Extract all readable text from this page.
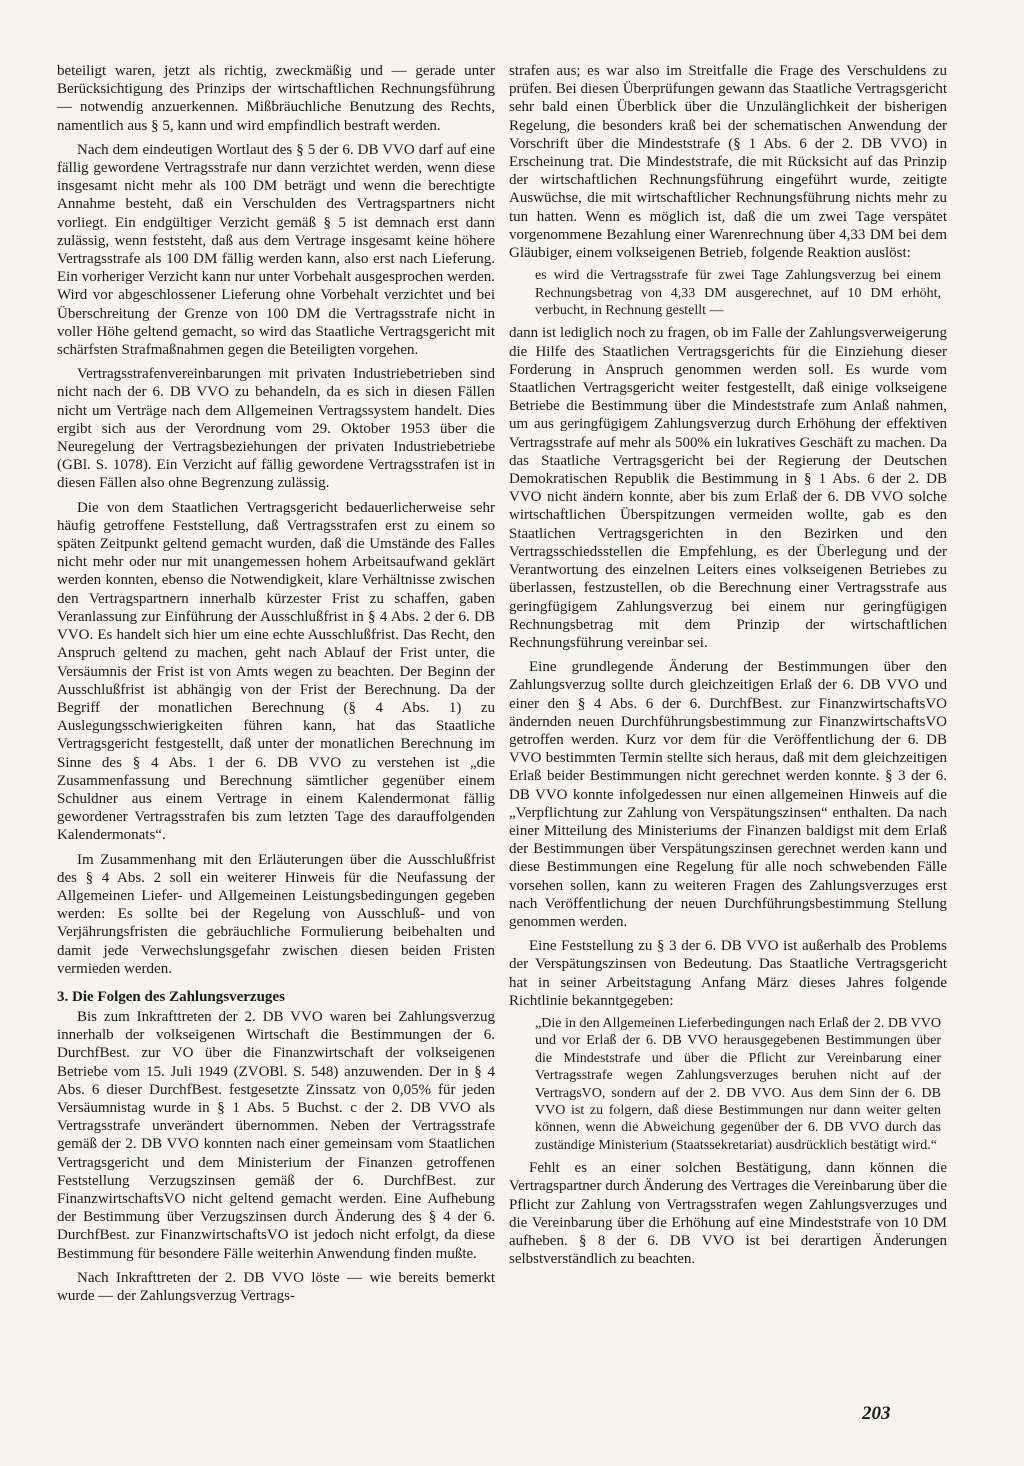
beteiligt waren, jetzt als richtig, zweckmäßig und — gerade unter Berücksichtigung des Prinzips der wirtschaftlichen Rechnungsführung — notwendig anzuerkennen. Mißbräuchliche Benutzung des Rechts, namentlich aus § 5, kann und wird empfindlich bestraft werden.

Nach dem eindeutigen Wortlaut des § 5 der 6. DB VVO darf auf eine fällig gewordene Vertragsstrafe nur dann verzichtet werden, wenn diese insgesamt nicht mehr als 100 DM beträgt und wenn die berechtigte Annahme besteht, daß ein Verschulden des Vertragspartners nicht vorliegt. Ein endgültiger Verzicht gemäß § 5 ist demnach erst dann zulässig, wenn feststeht, daß aus dem Vertrage insgesamt keine höhere Vertragsstrafe als 100 DM fällig werden kann, also erst nach Lieferung. Ein vorheriger Verzicht kann nur unter Vorbehalt ausgesprochen werden. Wird vor abgeschlossener Lieferung ohne Vorbehalt verzichtet und bei Überschreitung der Grenze von 100 DM die Vertragsstrafe nicht in voller Höhe geltend gemacht, so wird das Staatliche Vertragsgericht mit schärfsten Strafmaßnahmen gegen die Beteiligten vorgehen.

Vertragsstrafenvereinbarungen mit privaten Industriebetrieben sind nicht nach der 6. DB VVO zu behandeln, da es sich in diesen Fällen nicht um Verträge nach dem Allgemeinen Vertragssystem handelt. Dies ergibt sich aus der Verordnung vom 29. Oktober 1953 über die Neuregelung der Vertragsbeziehungen der privaten Industriebetriebe (GBl. S. 1078). Ein Verzicht auf fällig gewordene Vertragsstrafen ist in diesen Fällen also ohne Begrenzung zulässig.

Die von dem Staatlichen Vertragsgericht bedauerlicherweise sehr häufig getroffene Feststellung, daß Vertragsstrafen erst zu einem so späten Zeitpunkt geltend gemacht wurden, daß die Umstände des Falles nicht mehr oder nur mit unangemessen hohem Arbeitsaufwand geklärt werden konnten, ebenso die Notwendigkeit, klare Verhältnisse zwischen den Vertragspartnern innerhalb kürzester Frist zu schaffen, gaben Veranlassung zur Einführung der Ausschlußfrist in § 4 Abs. 2 der 6. DB VVO. Es handelt sich hier um eine echte Ausschlußfrist. Das Recht, den Anspruch geltend zu machen, geht nach Ablauf der Frist unter, die Versäumnis der Frist ist von Amts wegen zu beachten. Der Beginn der Ausschlußfrist ist abhängig von der Frist der Berechnung. Da der Begriff der monatlichen Berechnung (§ 4 Abs. 1) zu Auslegungsschwierigkeiten führen kann, hat das Staatliche Vertragsgericht festgestellt, daß unter der monatlichen Berechnung im Sinne des § 4 Abs. 1 der 6. DB VVO zu verstehen ist „die Zusammenfassung und Berechnung sämtlicher gegenüber einem Schuldner aus einem Vertrage in einem Kalendermonat fällig gewordener Vertragsstrafen bis zum letzten Tage des darauffolgenden Kalendermonats“.

Im Zusammenhang mit den Erläuterungen über die Ausschlußfrist des § 4 Abs. 2 soll ein weiterer Hinweis für die Neufassung der Allgemeinen Liefer- und Allgemeinen Leistungsbedingungen gegeben werden: Es sollte bei der Regelung von Ausschluß- und von Verjährungsfristen die gebräuchliche Formulierung beibehalten und damit jede Verwechslungsgefahr zwischen diesen beiden Fristen vermieden werden.

3. Die Folgen des Zahlungsverzuges

Bis zum Inkrafttreten der 2. DB VVO waren bei Zahlungsverzug innerhalb der volkseigenen Wirtschaft die Bestimmungen der 6. DurchfBest. zur VO über die Finanzwirtschaft der volkseigenen Betriebe vom 15. Juli 1949 (ZVOBl. S. 548) anzuwenden. Der in § 4 Abs. 6 dieser DurchfBest. festgesetzte Zinssatz von 0,05% für jeden Versäumnistag wurde in § 1 Abs. 5 Buchst. c der 2. DB VVO als Vertragsstrafe unverändert übernommen. Neben der Vertragsstrafe gemäß der 2. DB VVO konnten nach einer gemeinsam vom Staatlichen Vertragsgericht und dem Ministerium der Finanzen getroffenen Feststellung Verzugszinsen gemäß der 6. DurchfBest. zur FinanzwirtschaftsVO nicht geltend gemacht werden. Eine Aufhebung der Bestimmung über Verzugszinsen durch Änderung des § 4 der 6. DurchfBest. zur FinanzwirtschaftsVO ist jedoch nicht erfolgt, da diese Bestimmung für besondere Fälle weiterhin Anwendung finden mußte.

Nach Inkrafttreten der 2. DB VVO löste — wie bereits bemerkt wurde — der Zahlungsverzug Vertrags-

strafen aus; es war also im Streitfalle die Frage des Verschuldens zu prüfen. Bei diesen Überprüfungen gewann das Staatliche Vertragsgericht sehr bald einen Überblick über die Unzulänglichkeit der bisherigen Regelung, die besonders kraß bei der schematischen Anwendung der Vorschrift über die Mindeststrafe (§ 1 Abs. 6 der 2. DB VVO) in Erscheinung trat. Die Mindeststrafe, die mit Rücksicht auf das Prinzip der wirtschaftlichen Rechnungsführung eingeführt wurde, zeitigte Auswüchse, die mit wirtschaftlicher Rechnungsführung nichts mehr zu tun hatten. Wenn es möglich ist, daß die um zwei Tage verspätet vorgenommene Bezahlung einer Warenrechnung über 4,33 DM bei dem Gläubiger, einem volkseigenen Betrieb, folgende Reaktion auslöst:

es wird die Vertragsstrafe für zwei Tage Zahlungsverzug bei einem Rechnungsbetrag von 4,33 DM ausgerechnet, auf 10 DM erhöht, verbucht, in Rechnung gestellt —

dann ist lediglich noch zu fragen, ob im Falle der Zahlungsverweigerung die Hilfe des Staatlichen Vertragsgerichts für die Einziehung dieser Forderung in Anspruch genommen werden soll. Es wurde vom Staatlichen Vertragsgericht weiter festgestellt, daß einige volkseigene Betriebe die Bestimmung über die Mindeststrafe zum Anlaß nahmen, um aus geringfügigem Zahlungsverzug durch Erhöhung der effektiven Vertragsstrafe auf mehr als 500% ein lukratives Geschäft zu machen. Da das Staatliche Vertragsgericht bei der Regierung der Deutschen Demokratischen Republik die Bestimmung in § 1 Abs. 6 der 2. DB VVO nicht ändern konnte, aber bis zum Erlaß der 6. DB VVO solche wirtschaftlichen Überspitzungen vermeiden wollte, gab es den Staatlichen Vertragsgerichten in den Bezirken und den Vertragsschiedsstellen die Empfehlung, es der Überlegung und der Verantwortung des einzelnen Leiters eines volkseigenen Betriebes zu überlassen, festzustellen, ob die Berechnung einer Vertragsstrafe aus geringfügigem Zahlungsverzug bei einem nur geringfügigen Rechnungsbetrag mit dem Prinzip der wirtschaftlichen Rechnungsführung vereinbar sei.

Eine grundlegende Änderung der Bestimmungen über den Zahlungsverzug sollte durch gleichzeitigen Erlaß der 6. DB VVO und einer den § 4 Abs. 6 der 6. DurchfBest. zur FinanzwirtschaftsVO ändernden neuen Durchführungsbestimmung zur FinanzwirtschaftsVO getroffen werden. Kurz vor dem für die Veröffentlichung der 6. DB VVO bestimmten Termin stellte sich heraus, daß mit dem gleichzeitigen Erlaß beider Bestimmungen nicht gerechnet werden konnte. § 3 der 6. DB VVO konnte infolgedessen nur einen allgemeinen Hinweis auf die „Verpflichtung zur Zahlung von Verspätungszinsen“ enthalten. Da nach einer Mitteilung des Ministeriums der Finanzen baldigst mit dem Erlaß der Bestimmungen über Verspätungszinsen gerechnet werden kann und diese Bestimmungen eine Regelung für alle noch schwebenden Fälle vorsehen sollen, kann zu weiteren Fragen des Zahlungsverzuges erst nach Veröffentlichung der neuen Durchführungsbestimmung Stellung genommen werden.

Eine Feststellung zu § 3 der 6. DB VVO ist außerhalb des Problems der Verspätungszinsen von Bedeutung. Das Staatliche Vertragsgericht hat in seiner Arbeitstagung Anfang März dieses Jahres folgende Richtlinie bekanntgegeben:

„Die in den Allgemeinen Lieferbedingungen nach Erlaß der 2. DB VVO und vor Erlaß der 6. DB VVO herausgegebenen Bestimmungen über die Mindeststrafe und über die Pflicht zur Vereinbarung einer Vertragsstrafe wegen Zahlungsverzuges beruhen nicht auf der VertragsVO, sondern auf der 2. DB VVO. Aus dem Sinn der 6. DB VVO ist zu folgern, daß diese Bestimmungen nur dann weiter gelten können, wenn die Abweichung gegenüber der 6. DB VVO durch das zuständige Ministerium (Staatssekretariat) ausdrücklich bestätigt wird.“

Fehlt es an einer solchen Bestätigung, dann können die Vertragspartner durch Änderung des Vertrages die Vereinbarung über die Pflicht zur Zahlung von Vertragsstrafen wegen Zahlungsverzuges und die Vereinbarung über die Erhöhung auf eine Mindeststrafe von 10 DM aufheben. § 8 der 6. DB VVO ist bei derartigen Änderungen selbstverständlich zu beachten.

203
